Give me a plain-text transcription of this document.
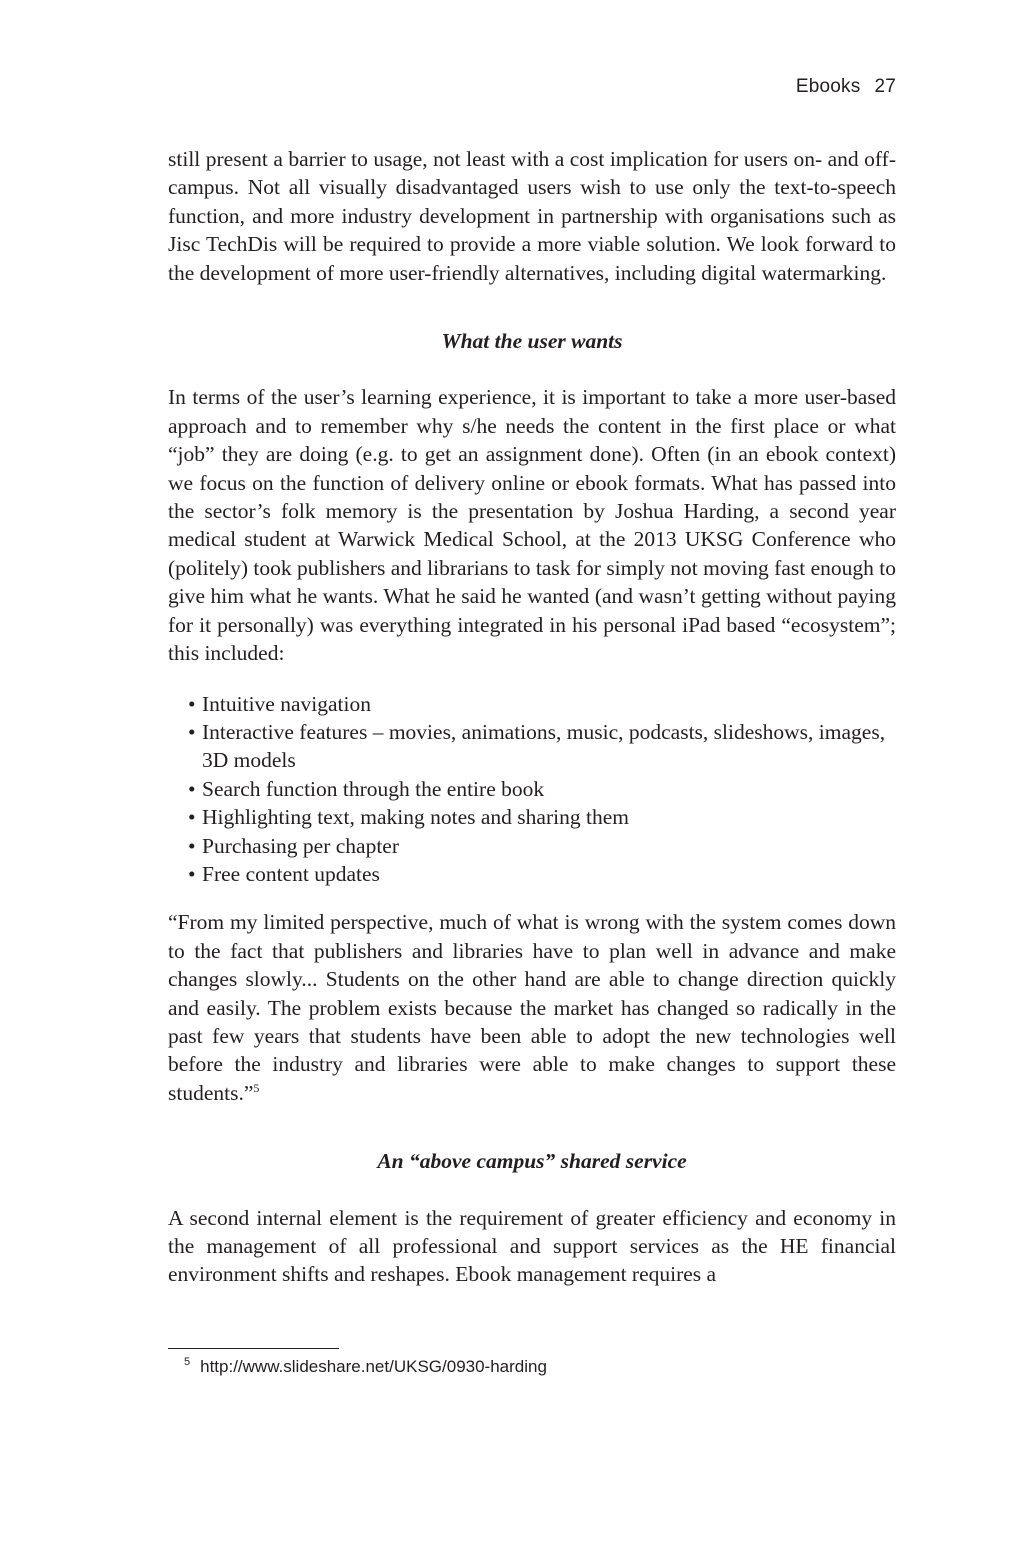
Ebooks 27

still present a barrier to usage, not least with a cost implication for users on- and off-campus. Not all visually disadvantaged users wish to use only the text-to-speech function, and more industry development in partnership with organisations such as Jisc TechDis will be required to provide a more viable solution. We look forward to the development of more user-friendly alternatives, including digital watermarking.

What the user wants

In terms of the user’s learning experience, it is important to take a more user-based approach and to remember why s/he needs the content in the first place or what “job” they are doing (e.g. to get an assignment done). Often (in an ebook context) we focus on the function of delivery online or ebook formats. What has passed into the sector’s folk memory is the presentation by Joshua Harding, a second year medical student at Warwick Medical School, at the 2013 UKSG Conference who (politely) took publishers and librarians to task for simply not moving fast enough to give him what he wants. What he said he wanted (and wasn’t getting without paying for it personally) was everything integrated in his personal iPad based “ecosystem”; this included:

• Intuitive navigation
• Interactive features – movies, animations, music, podcasts, slideshows, images, 3D models
• Search function through the entire book
• Highlighting text, making notes and sharing them
• Purchasing per chapter
• Free content updates

“From my limited perspective, much of what is wrong with the system comes down to the fact that publishers and libraries have to plan well in advance and make changes slowly... Students on the other hand are able to change direction quickly and easily. The problem exists because the market has changed so radically in the past few years that students have been able to adopt the new technologies well before the industry and libraries were able to make changes to support these students.”$^5$

An “above campus” shared service

A second internal element is the requirement of greater efficiency and economy in the management of all professional and support services as the HE financial environment shifts and reshapes. Ebook management requires a

$^5$ http://www.slideshare.net/UKSG/0930-harding
